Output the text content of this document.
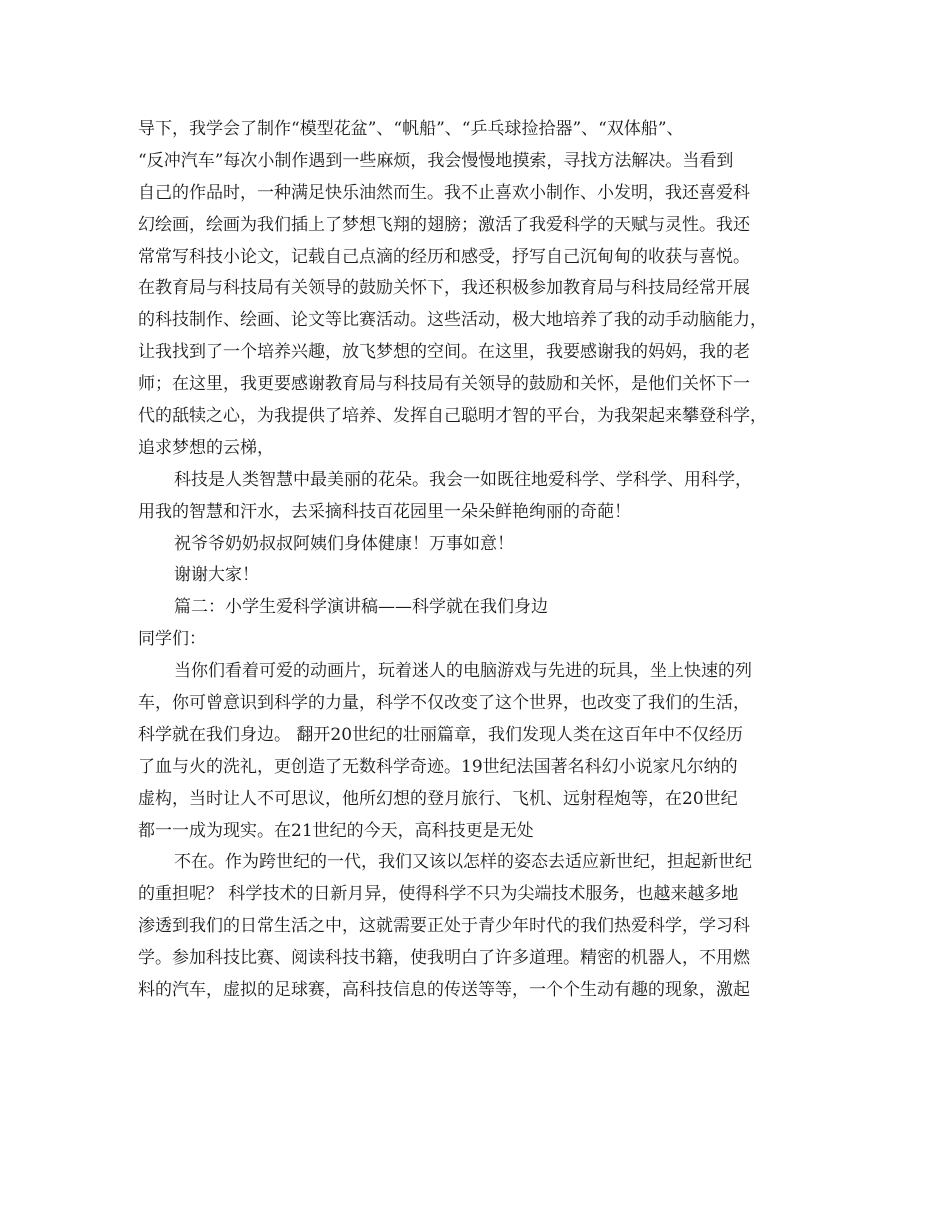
导下，我学会了制作“模型花盆”、“帆船”、“乒乓球捡拾器”、“双体船”、
“反冲汽车”每次小制作遇到一些麻烦，我会慢慢地摸索，寻找方法解决。当看到
自己的作品时，一种满足快乐油然而生。我不止喜欢小制作、小发明，我还喜爱科
幻绘画，绘画为我们插上了梦想飞翔的翅膀；激活了我爱科学的天赋与灵性。我还
常常写科技小论文，记载自己点滴的经历和感受，抒写自己沉甸甸的收获与喜悦。
在教育局与科技局有关领导的鼓励关怀下，我还积极参加教育局与科技局经常开展
的科技制作、绘画、论文等比赛活动。这些活动，极大地培养了我的动手动脑能力，
让我找到了一个培养兴趣，放飞梦想的空间。在这里，我要感谢我的妈妈，我的老
师；在这里，我更要感谢教育局与科技局有关领导的鼓励和关怀，是他们关怀下一
代的舐犊之心，为我提供了培养、发挥自己聪明才智的平台，为我架起来攀登科学，
追求梦想的云梯，
科技是人类智慧中最美丽的花朵。我会一如既往地爱科学、学科学、用科学，
用我的智慧和汗水，去采摘科技百花园里一朵朵鲜艳绚丽的奇葩！
祝爷爷奶奶叔叔阿姨们身体健康！万事如意！
谢谢大家！
篇二：小学生爱科学演讲稿——科学就在我们身边
同学们：
当你们看着可爱的动画片，玩着迷人的电脑游戏与先进的玩具，坐上快速的列
车，你可曾意识到科学的力量，科学不仅改变了这个世界，也改变了我们的生活，
科学就在我们身边。 翻开20世纪的壮丽篇章，我们发现人类在这百年中不仅经历
了血与火的洗礼，更创造了无数科学奇迹。19世纪法国著名科幻小说家凡尔纳的
虚构，当时让人不可思议，他所幻想的登月旅行、飞机、远射程炮等，在20世纪
都一一成为现实。在21世纪的今天，高科技更是无处
不在。作为跨世纪的一代，我们又该以怎样的姿态去适应新世纪，担起新世纪
的重担呢？ 科学技术的日新月异，使得科学不只为尖端技术服务，也越来越多地
渗透到我们的日常生活之中，这就需要正处于青少年时代的我们热爱科学，学习科
学。参加科技比赛、阅读科技书籍，使我明白了许多道理。精密的机器人，不用燃
料的汽车，虚拟的足球赛，高科技信息的传送等等，一个个生动有趣的现象，激起
